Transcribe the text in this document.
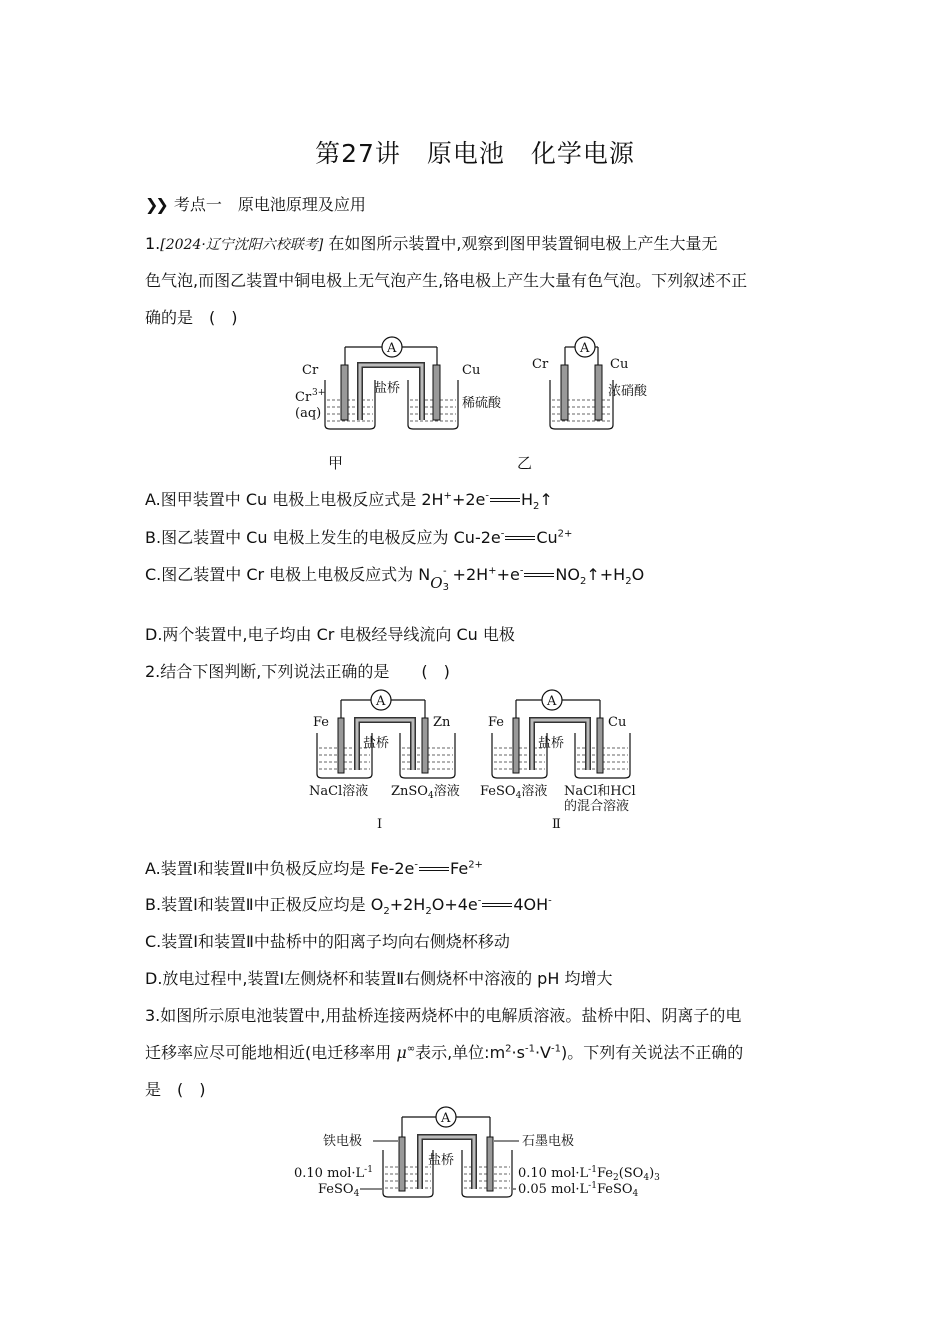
第27讲　原电池　化学电源
❯❯ 考点一　原电池原理及应用
1.[2024·辽宁沈阳六校联考] 在如图所示装置中,观察到图甲装置铜电极上产生大量无
色气泡,而图乙装置中铜电极上无气泡产生,铬电极上产生大量有色气泡。下列叙述不正
确的是　(　)
A
Cr	Cu
盐桥
Cr 3+
(aq)
稀硫酸
甲
A
Cr	Cu
浓硝酸
乙
A.图甲装置中 Cu 电极上电极反应式是 2H++2e- $H_2↑$
B.图乙装置中 Cu 电极上发生的电极反应为 Cu-2e- $Cu^{2+}$
C.图乙装置中 Cr 电极上电极反应式为 $NO_3^- +2H^++e^-$ $NO_2↑+H_2O$
D.两个装置中,电子均由 Cr 电极经导线流向 Cu 电极
2.结合下图判断,下列说法正确的是　　(　)
A
Fe	Zn
盐桥
NaCl溶液 ZnSO$_4$溶液
Ⅰ
A
Fe	Cu
盐桥
FeSO$_4$溶液 NaCl和HCl
的混合溶液
Ⅱ
A.装置Ⅰ和装置Ⅱ中负极反应均是 Fe-2e- $Fe^{2+}$
B.装置Ⅰ和装置Ⅱ中正极反应均是 $O_2+2H_2O+4e^-$ 4OH-
C.装置Ⅰ和装置Ⅱ中盐桥中的阳离子均向右侧烧杯移动
D.放电过程中,装置Ⅰ左侧烧杯和装置Ⅱ右侧烧杯中溶液的 pH 均增大
3.如图所示原电池装置中,用盐桥连接两烧杯中的电解质溶液。盐桥中阳、阴离子的电
迁移率应尽可能地相近(电迁移率用 μ∞表示,单位$:m^2\cdot s^{-1}\cdot V^{-1}$)。下列有关说法不正确的
是　(　)
A
铁电极	石墨电极
盐桥
0.10 $mol\cdot L^{-1}$
FeSO$_4$
0.10 $mol\cdot L^{-1}Fe_2(SO_4)_3$
0.05 $mol\cdot L^{-1}FeSO_4$
